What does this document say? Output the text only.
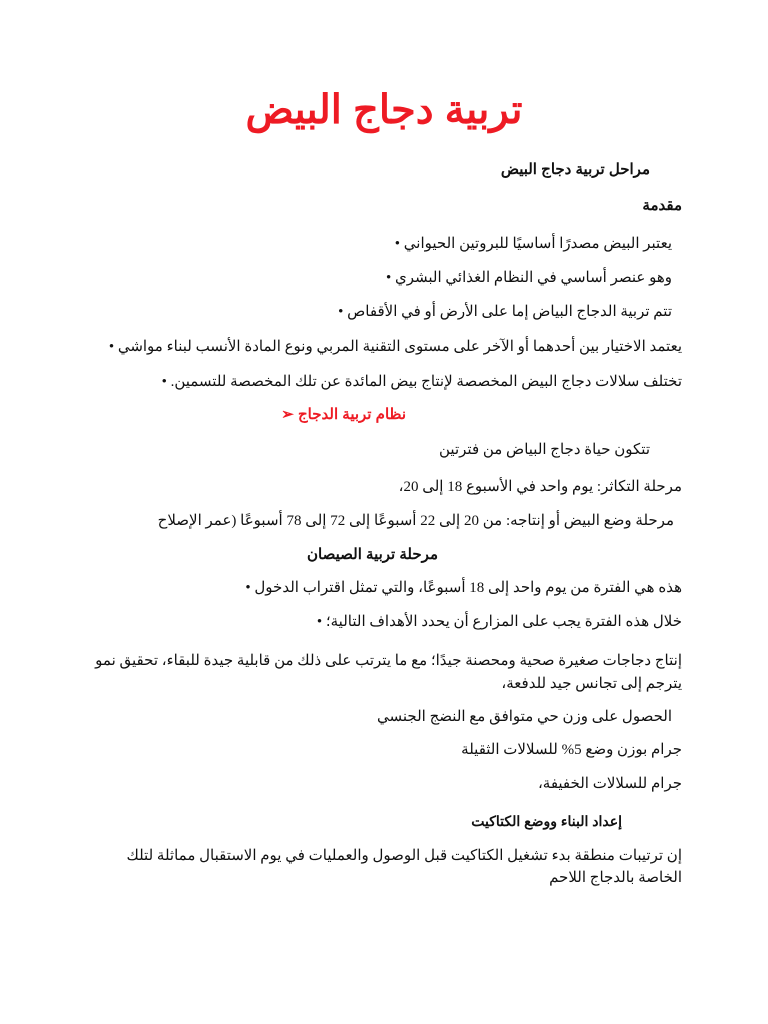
تربية دجاج البيض
مراحل تربية دجاج البيض
مقدمة
يعتبر البيض مصدرًا أساسيًا للبروتين الحيواني •
وهو عنصر أساسي في النظام الغذائي البشري •
تتم تربية الدجاج البياض إما على الأرض أو في الأقفاص •
يعتمد الاختيار بين أحدهما أو الآخر على مستوى التقنية المربي ونوع المادة الأنسب لبناء مواشي •
تختلف سلالات دجاج البيض المخصصة لإنتاج بيض المائدة عن تلك المخصصة للتسمين. •
نظام تربية الدجاج ➢
تتكون حياة دجاج البياض من فترتين
مرحلة التكاثر: يوم واحد في الأسبوع 18 إلى 20،
مرحلة وضع البيض أو إنتاجه: من 20 إلى 22 أسبوعًا إلى 72 إلى 78 أسبوعًا (عمر الإصلاح
مرحلة تربية الصيصان
هذه هي الفترة من يوم واحد إلى 18 أسبوعًا، والتي تمثل اقتراب الدخول •
خلال هذه الفترة يجب على المزارع أن يحدد الأهداف التالية؛ •
إنتاج دجاجات صغيرة صحية ومحصنة جيدًا؛ مع ما يترتب على ذلك من قابلية جيدة للبقاء، تحقيق نمو يترجم إلى تجانس جيد للدفعة،
الحصول على وزن حي متوافق مع النضج الجنسي
جرام بوزن وضع 5% للسلالات الثقيلة
جرام للسلالات الخفيفة،
إعداد البناء ووضع الكتاكيت
إن ترتيبات منطقة بدء تشغيل الكتاكيت قبل الوصول والعمليات في يوم الاستقبال مماثلة لتلك الخاصة بالدجاج اللاحم
